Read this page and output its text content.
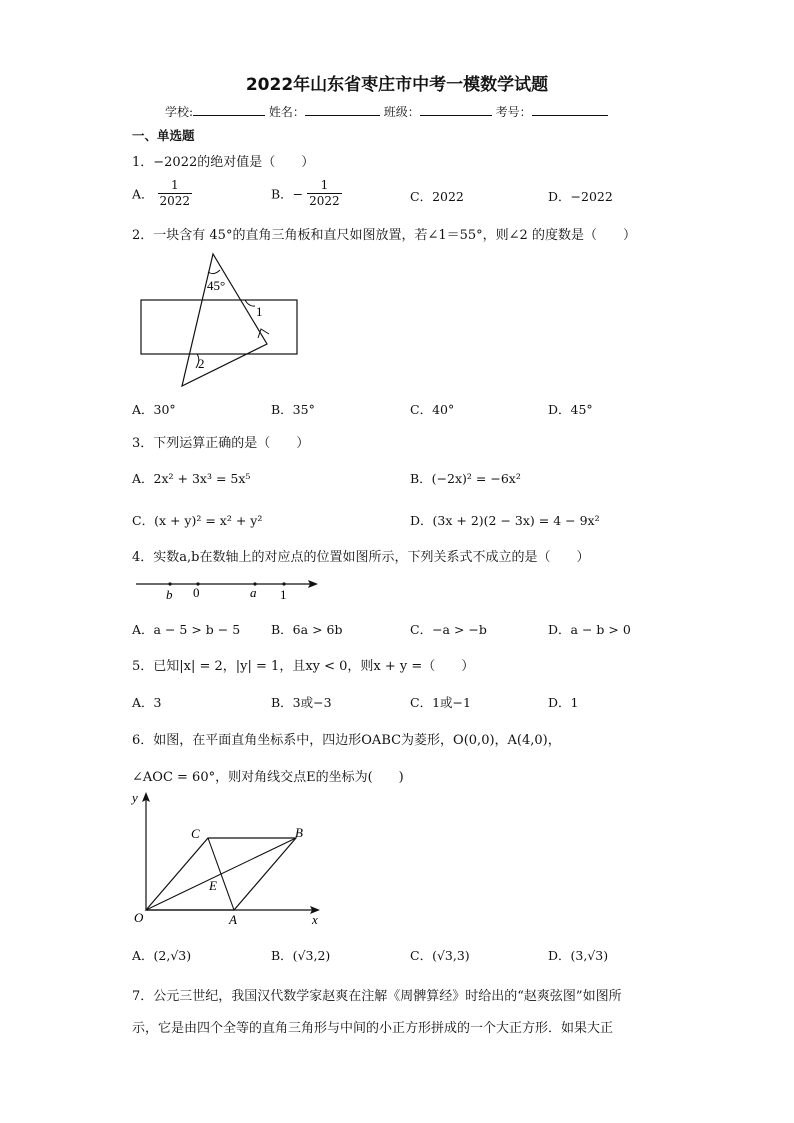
2022年山东省枣庄市中考一模数学试题
学校:	姓名：	班级：	考号：
一、单选题
1．−2022的绝对值是（　　）
A． $\frac{1}{2022}$	B．− $\frac{1}{2022}$	C．2022	D．−2022
2．一块含有 45°的直角三角板和直尺如图放置，若∠1＝55°，则∠2 的度数是（　　）
45°
1
2
A．30°	B．35°	C．40°	D．45°
3．下列运算正确的是（　　）
A．2x² + 3x³ = 5x⁵	B．(−2x)² = −6x²
C．(x + y)² = x² + y²	D．(3x + 2)(2 − 3x) = 4 − 9x²
4．实数a,b在数轴上的对应点的位置如图所示，下列关系式不成立的是（　　）
b 0	a 1
A．a − 5 > b − 5 B．6a > 6b	C．−a > −b	D．a − b > 0
5．已知|x| = 2，|y| = 1，且xy < 0，则x + y =（　　）
A．3	B．3或−3	C．1或−1	D．1
6．如图，在平面直角坐标系中，四边形OABC为菱形，O(0,0)，A(4,0)，
∠AOC = 60°，则对角线交点E的坐标为(　　)
y
x
O	A
B
C
E
A．(2,√3)	B．(√3,2)	C．(√3,3)	D．(3,√3)
7．公元三世纪，我国汉代数学家赵爽在注解《周髀算经》时给出的“赵爽弦图”如图所
示，它是由四个全等的直角三角形与中间的小正方形拼成的一个大正方形．如果大正
